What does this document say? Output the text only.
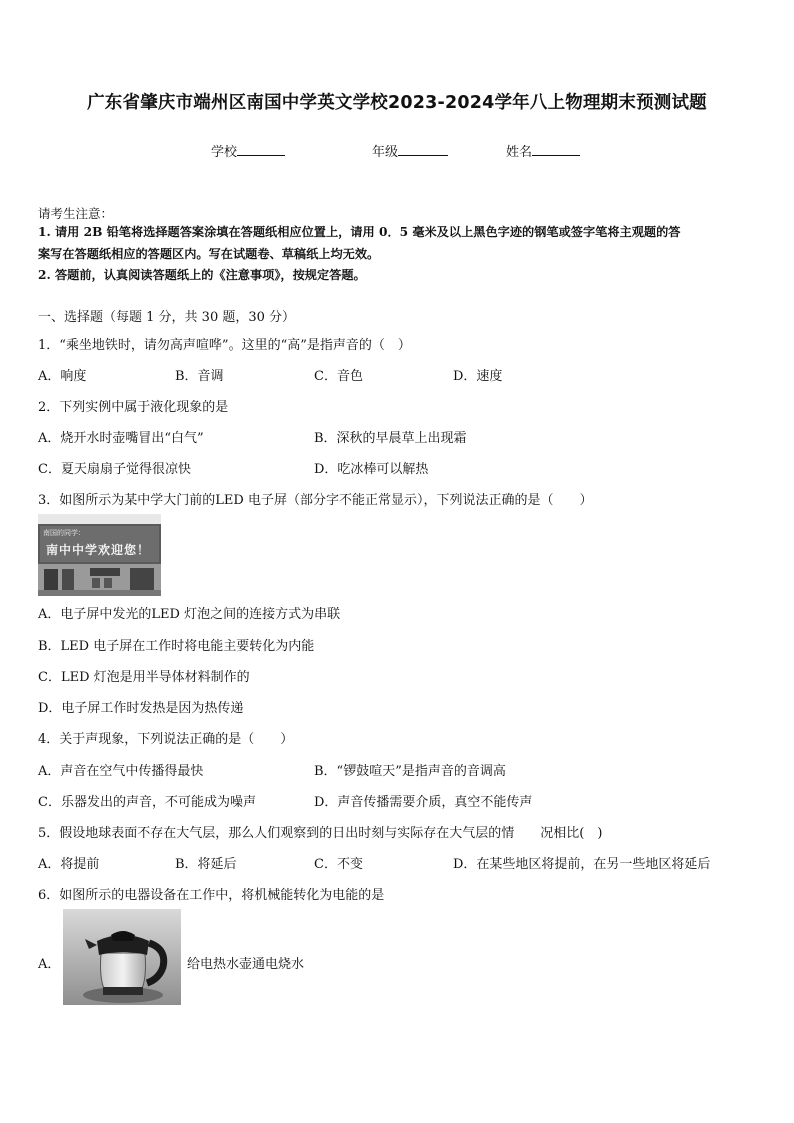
广东省肇庆市端州区南国中学英文学校2023-2024学年八上物理期末预测试题
学校	年级	姓名
请考生注意：
1. 请用 2B 铅笔将选择题答案涂填在答题纸相应位置上，请用 0．5 毫米及以上黑色字迹的钢笔或签字笔将主观题的答
案写在答题纸相应的答题区内。写在试题卷、草稿纸上均无效。
2. 答题前，认真阅读答题纸上的《注意事项》，按规定答题。
一、选择题（每题 1 分，共 30 题，30 分）
1．“乘坐地铁时，请勿高声喧哗”。这里的“高”是指声音的（　）
A．响度	B．音调	C．音色	D．速度
2．下列实例中属于液化现象的是
A．烧开水时壶嘴冒出“白气”	B．深秋的早晨草上出现霜
C．夏天扇扇子觉得很凉快	D．吃冰棒可以解热
3．如图所示为某中学大门前的LED 电子屏（部分字不能正常显示），下列说法正确的是（　　）
南国的同学：
南中中学欢迎您！
A．电子屏中发光的LED 灯泡之间的连接方式为串联
B．LED 电子屏在工作时将电能主要转化为内能
C．LED 灯泡是用半导体材料制作的
D．电子屏工作时发热是因为热传递
4．关于声现象，下列说法正确的是（　　）
A．声音在空气中传播得最快	B．“锣鼓喧天”是指声音的音调高
C．乐器发出的声音，不可能成为噪声	D．声音传播需要介质，真空不能传声
5．假设地球表面不存在大气层，那么人们观察到的日出时刻与实际存在大气层的情　　况相比(　)
A．将提前	B．将延后	C．不变	D．在某些地区将提前，在另一些地区将延后
6．如图所示的电器设备在工作中，将机械能转化为电能的是
A．	给电热水壶通电烧水
